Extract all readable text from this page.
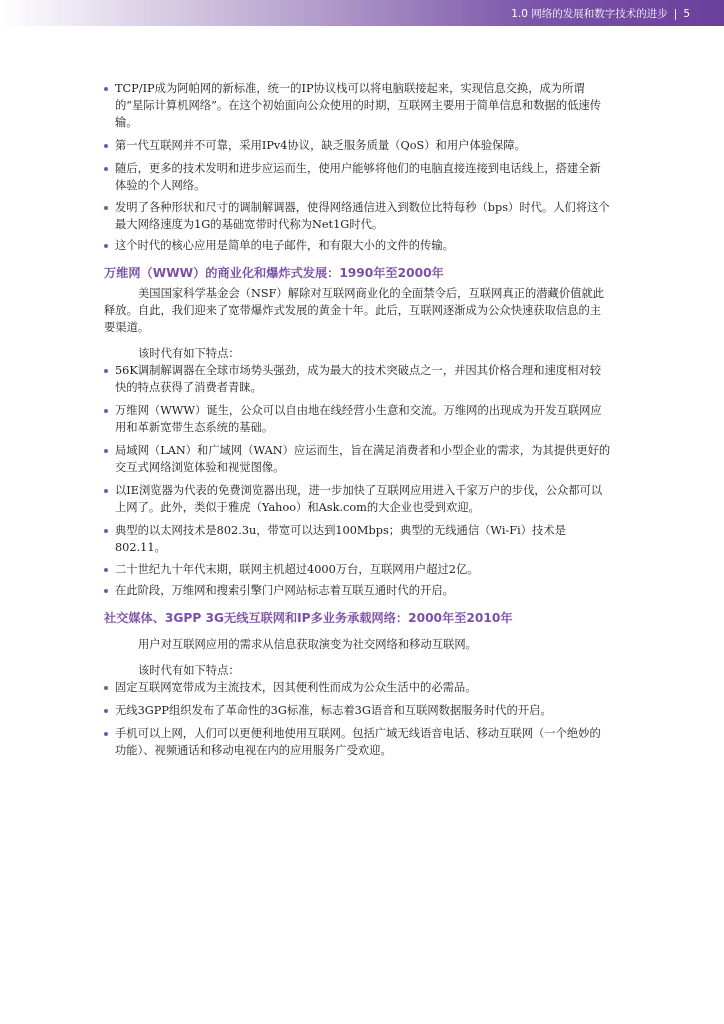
1.0 网络的发展和数字技术的进步 | 5
TCP/IP成为阿帕网的新标准，统一的IP协议栈可以将电脑联接起来，实现信息交换，成为所谓的“星际计算机网络”。在这个初始面向公众使用的时期，互联网主要用于简单信息和数据的低速传输。
第一代互联网并不可靠，采用IPv4协议，缺乏服务质量（QoS）和用户体验保障。
随后，更多的技术发明和进步应运而生，使用户能够将他们的电脑直接连接到电话线上，搭建全新体验的个人网络。
发明了各种形状和尺寸的调制解调器，使得网络通信进入到数位比特每秒（bps）时代。人们将这个最大网络速度为1G的基础宽带时代称为Net1G时代。
这个时代的核心应用是简单的电子邮件，和有限大小的文件的传输。
万维网（WWW）的商业化和爆炸式发展：1990年至2000年
美国国家科学基金会（NSF）解除对互联网商业化的全面禁令后，互联网真正的潜藏价值就此释放。自此，我们迎来了宽带爆炸式发展的黄金十年。此后，互联网逐渐成为公众快速获取信息的主要渠道。
该时代有如下特点：
56K调制解调器在全球市场势头强劲，成为最大的技术突破点之一，并因其价格合理和速度相对较快的特点获得了消费者青睐。
万维网（WWW）诞生，公众可以自由地在线经营小生意和交流。万维网的出现成为开发互联网应用和革新宽带生态系统的基础。
局域网（LAN）和广域网（WAN）应运而生，旨在满足消费者和小型企业的需求，为其提供更好的交互式网络浏览体验和视觉图像。
以IE浏览器为代表的免费浏览器出现，进一步加快了互联网应用进入千家万户的步伐，公众都可以上网了。此外，类似于雅虎（Yahoo）和Ask.com的大企业也受到欢迎。
典型的以太网技术是802.3u，带宽可以达到100Mbps；典型的无线通信（Wi-Fi）技术是802.11。
二十世纪九十年代末期，联网主机超过4000万台，互联网用户超过2亿。
在此阶段，万维网和搜索引擎门户网站标志着互联互通时代的开启。
社交媒体、3GPP 3G无线互联网和IP多业务承载网络：2000年至2010年
用户对互联网应用的需求从信息获取演变为社交网络和移动互联网。
该时代有如下特点：
固定互联网宽带成为主流技术，因其便利性而成为公众生活中的必需品。
无线3GPP组织发布了革命性的3G标准，标志着3G语音和互联网数据服务时代的开启。
手机可以上网，人们可以更便利地使用互联网。包括广域无线语音电话、移动互联网（一个绝妙的功能）、视频通话和移动电视在内的应用服务广受欢迎。
